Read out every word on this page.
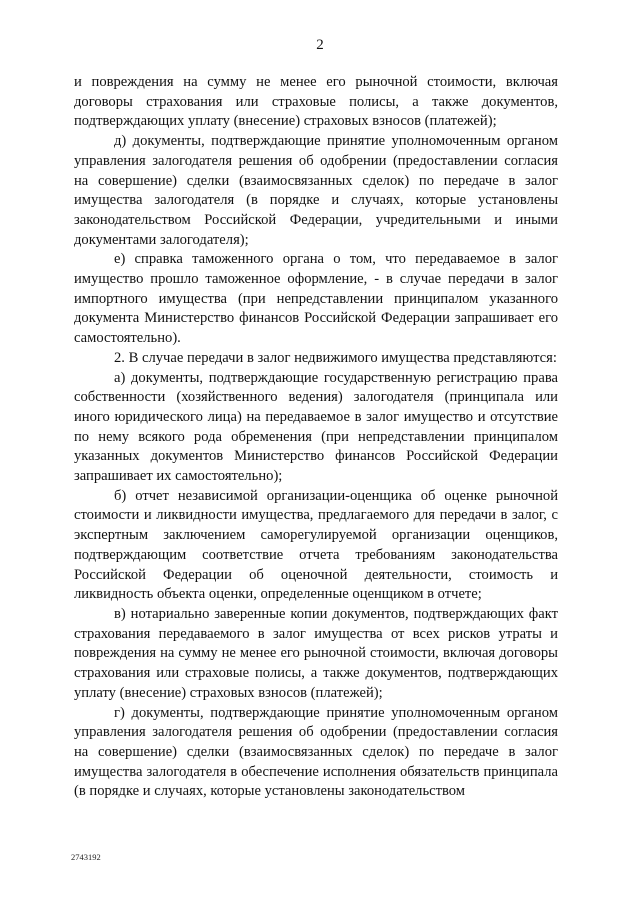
2

и повреждения на сумму не менее его рыночной стоимости, включая договоры страхования или страховые полисы, а также документов, подтверждающих уплату (внесение) страховых взносов (платежей);

д) документы, подтверждающие принятие уполномоченным органом управления залогодателя решения об одобрении (предоставлении согласия на совершение) сделки (взаимосвязанных сделок) по передаче в залог имущества залогодателя (в порядке и случаях, которые установлены законодательством Российской Федерации, учредительными и иными документами залогодателя);

е) справка таможенного органа о том, что передаваемое в залог имущество прошло таможенное оформление, - в случае передачи в залог импортного имущества (при непредставлении принципалом указанного документа Министерство финансов Российской Федерации запрашивает его самостоятельно).

2. В случае передачи в залог недвижимого имущества представляются:

а) документы, подтверждающие государственную регистрацию права собственности (хозяйственного ведения) залогодателя (принципала или иного юридического лица) на передаваемое в залог имущество и отсутствие по нему всякого рода обременения (при непредставлении принципалом указанных документов Министерство финансов Российской Федерации запрашивает их самостоятельно);

б) отчет независимой организации-оценщика об оценке рыночной стоимости и ликвидности имущества, предлагаемого для передачи в залог, с экспертным заключением саморегулируемой организации оценщиков, подтверждающим соответствие отчета требованиям законодательства Российской Федерации об оценочной деятельности, стоимость и ликвидность объекта оценки, определенные оценщиком в отчете;

в) нотариально заверенные копии документов, подтверждающих факт страхования передаваемого в залог имущества от всех рисков утраты и повреждения на сумму не менее его рыночной стоимости, включая договоры страхования или страховые полисы, а также документов, подтверждающих уплату (внесение) страховых взносов (платежей);

г) документы, подтверждающие принятие уполномоченным органом управления залогодателя решения об одобрении (предоставлении согласия на совершение) сделки (взаимосвязанных сделок) по передаче в залог имущества залогодателя в обеспечение исполнения обязательств принципала (в порядке и случаях, которые установлены законодательством

2743192
